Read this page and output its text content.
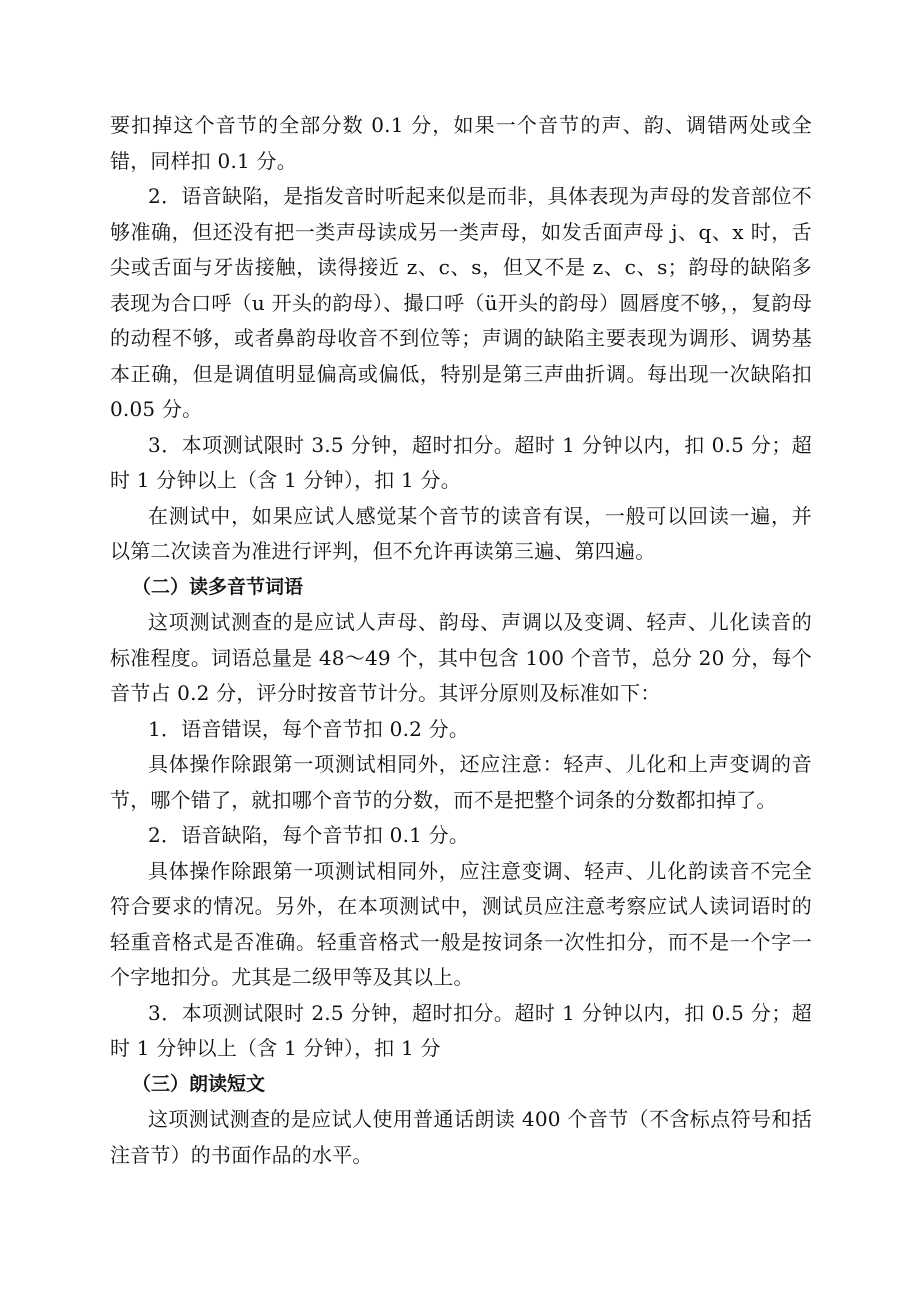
要扣掉这个音节的全部分数 0.1 分，如果一个音节的声、韵、调错两处或全错，同样扣 0.1 分。

2．语音缺陷，是指发音时听起来似是而非，具体表现为声母的发音部位不够准确，但还没有把一类声母读成另一类声母，如发舌面声母 j、q、x 时，舌尖或舌面与牙齿接触，读得接近 z、c、s，但又不是 z、c、s；韵母的缺陷多表现为合口呼（u 开头的韵母）、撮口呼（ü开头的韵母）圆唇度不够，，复韵母的动程不够，或者鼻韵母收音不到位等；声调的缺陷主要表现为调形、调势基本正确，但是调值明显偏高或偏低，特别是第三声曲折调。每出现一次缺陷扣 0.05 分。

3．本项测试限时 3.5 分钟，超时扣分。超时 1 分钟以内，扣 0.5 分；超时 1 分钟以上（含 1 分钟），扣 1 分。

在测试中，如果应试人感觉某个音节的读音有误，一般可以回读一遍，并以第二次读音为准进行评判，但不允许再读第三遍、第四遍。

（二）读多音节词语

这项测试测查的是应试人声母、韵母、声调以及变调、轻声、儿化读音的标准程度。词语总量是 48～49 个，其中包含 100 个音节，总分 20 分，每个音节占 0.2 分，评分时按音节计分。其评分原则及标准如下：

1．语音错误，每个音节扣 0.2 分。

具体操作除跟第一项测试相同外，还应注意：轻声、儿化和上声变调的音节，哪个错了，就扣哪个音节的分数，而不是把整个词条的分数都扣掉了。

2．语音缺陷，每个音节扣 0.1 分。

具体操作除跟第一项测试相同外，应注意变调、轻声、儿化韵读音不完全符合要求的情况。另外，在本项测试中，测试员应注意考察应试人读词语时的轻重音格式是否准确。轻重音格式一般是按词条一次性扣分，而不是一个字一个字地扣分。尤其是二级甲等及其以上。

3．本项测试限时 2.5 分钟，超时扣分。超时 1 分钟以内，扣 0.5 分；超时 1 分钟以上（含 1 分钟），扣 1 分

（三）朗读短文

这项测试测查的是应试人使用普通话朗读 400 个音节（不含标点符号和括注音节）的书面作品的水平。
